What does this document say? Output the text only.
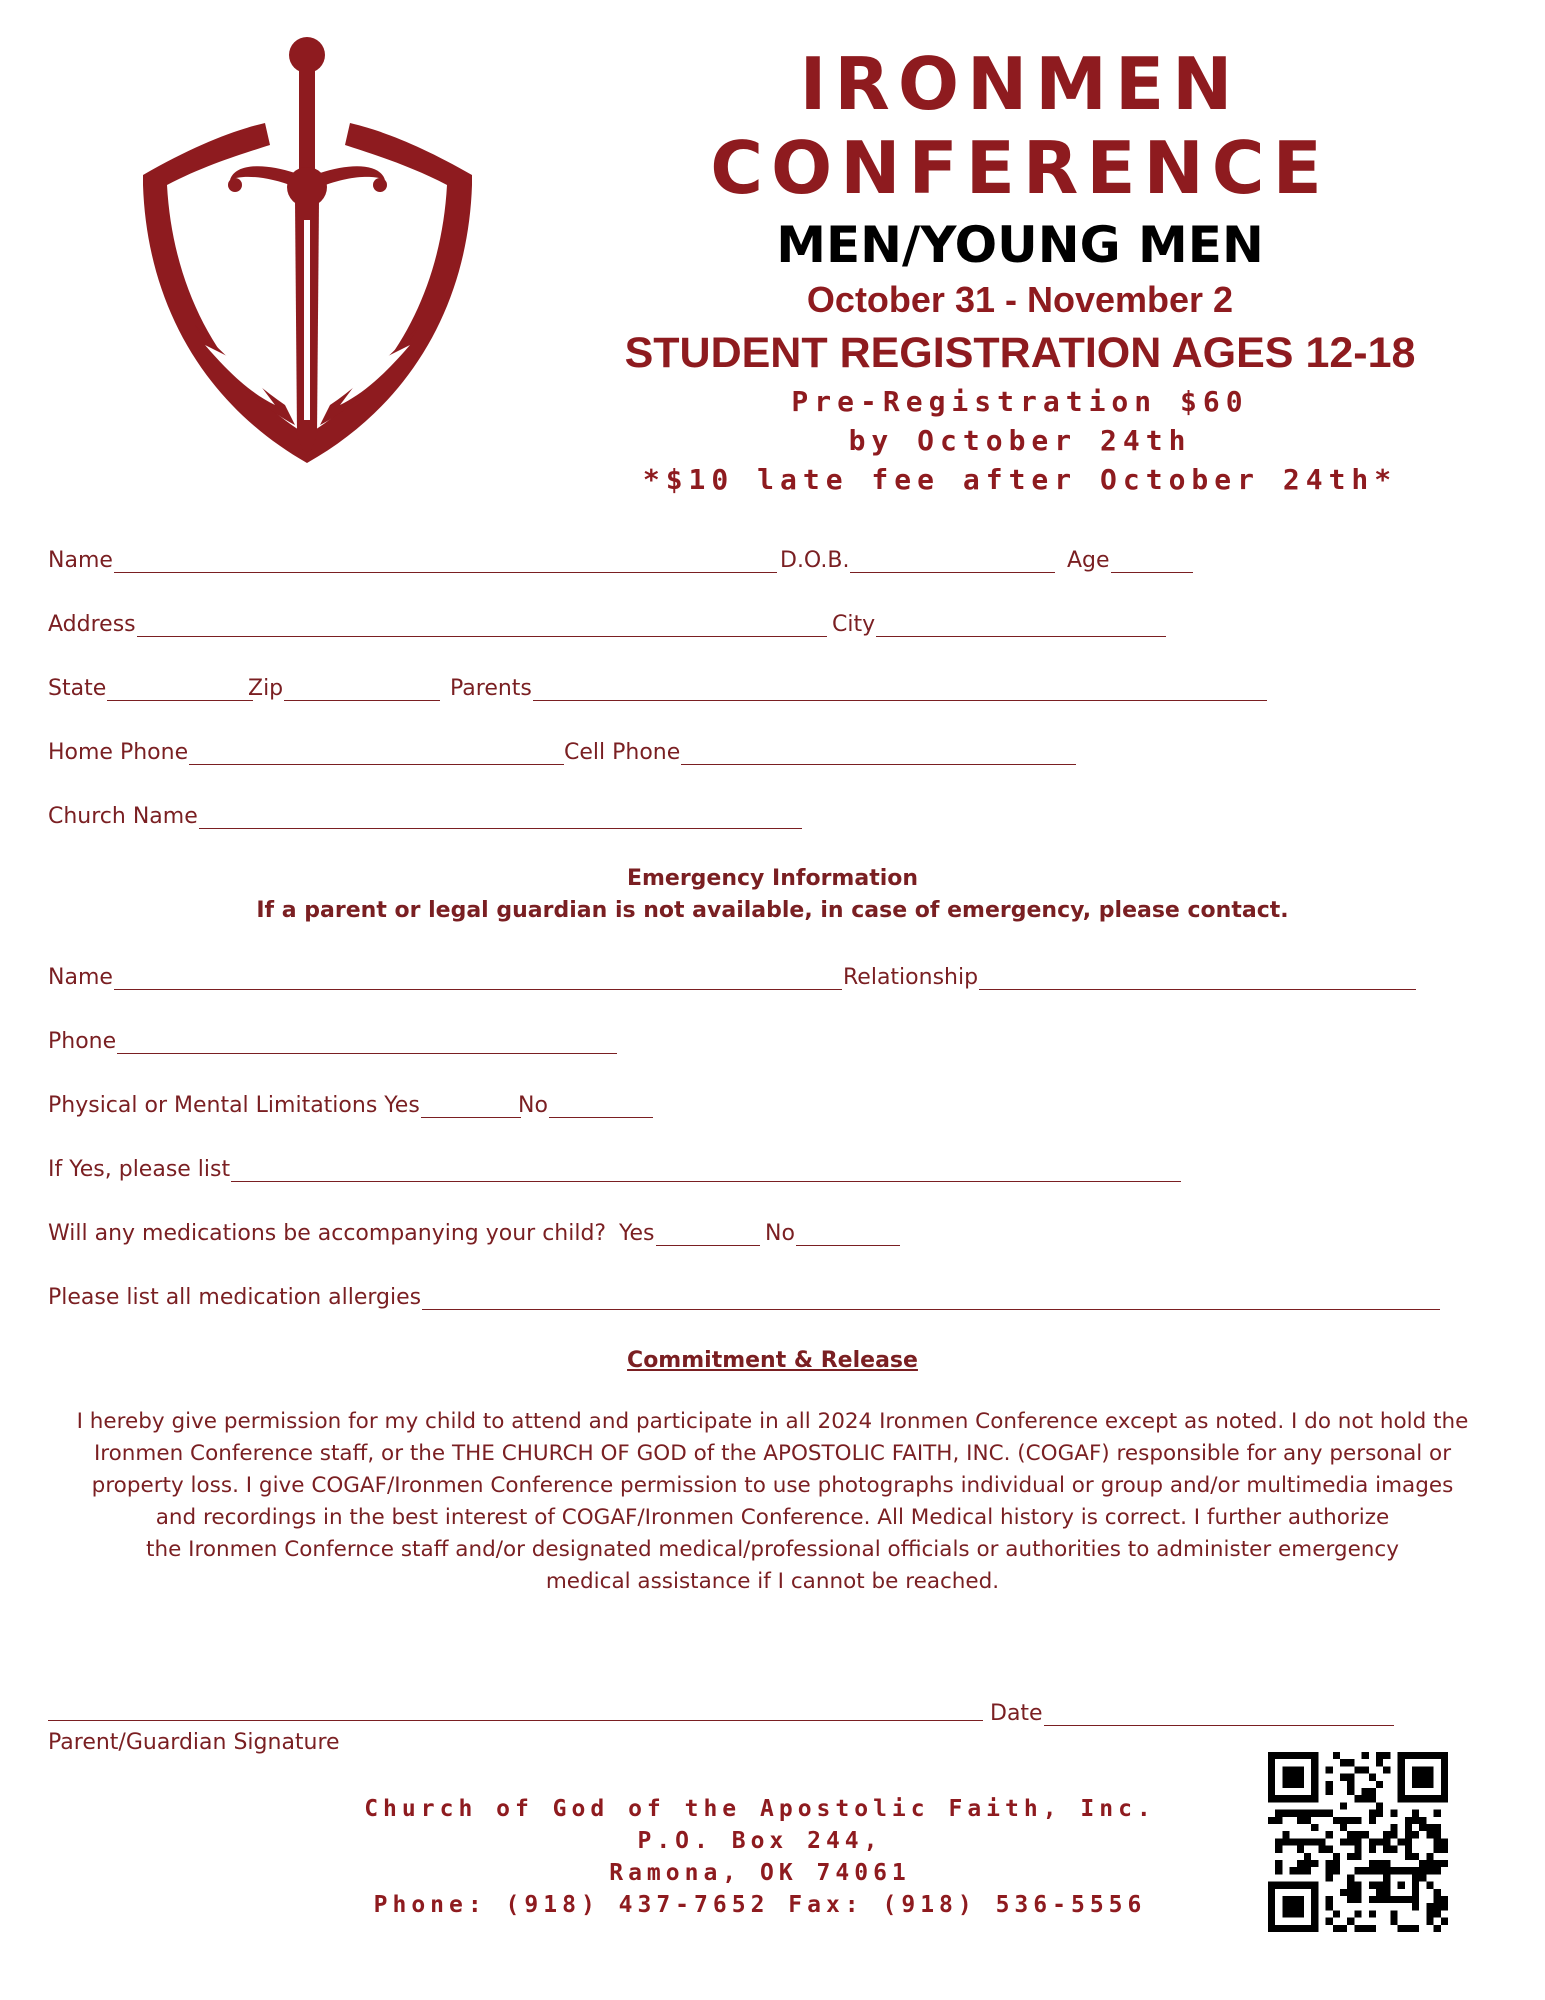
IRONMEN
CONFERENCE
MEN/YOUNG MEN
October 31 - November 2
STUDENT REGISTRATION AGES 12-18
Pre-Registration $60
by October 24th
*$10 late fee after October 24th*
Name	D.O.B.	Age
Address	City
State	Zip	Parents
Home Phone	Cell Phone
Church Name
Emergency Information
If a parent or legal guardian is not available, in case of emergency, please contact.
Name	Relationship
Phone
Physical or Mental Limitations Yes	No
If Yes, please list
Will any medications be accompanying your child? Yes	No
Please list all medication allergies
Commitment & Release
I hereby give permission for my child to attend and participate in all 2024 Ironmen Conference except as noted. I do not hold the
Ironmen Conference staff, or the THE CHURCH OF GOD of the APOSTOLIC FAITH, INC. (COGAF) responsible for any personal or
property loss. I give COGAF/Ironmen Conference permission to use photographs individual or group and/or multimedia images
and recordings in the best interest of COGAF/Ironmen Conference. All Medical history is correct. I further authorize
the Ironmen Confernce staff and/or designated medical/professional officials or authorities to administer emergency
medical assistance if I cannot be reached.
Date
Parent/Guardian Signature
Church of God of the Apostolic Faith, Inc.
P.O. Box 244,
Ramona, OK 74061
Phone: (918) 437-7652 Fax: (918) 536-5556
